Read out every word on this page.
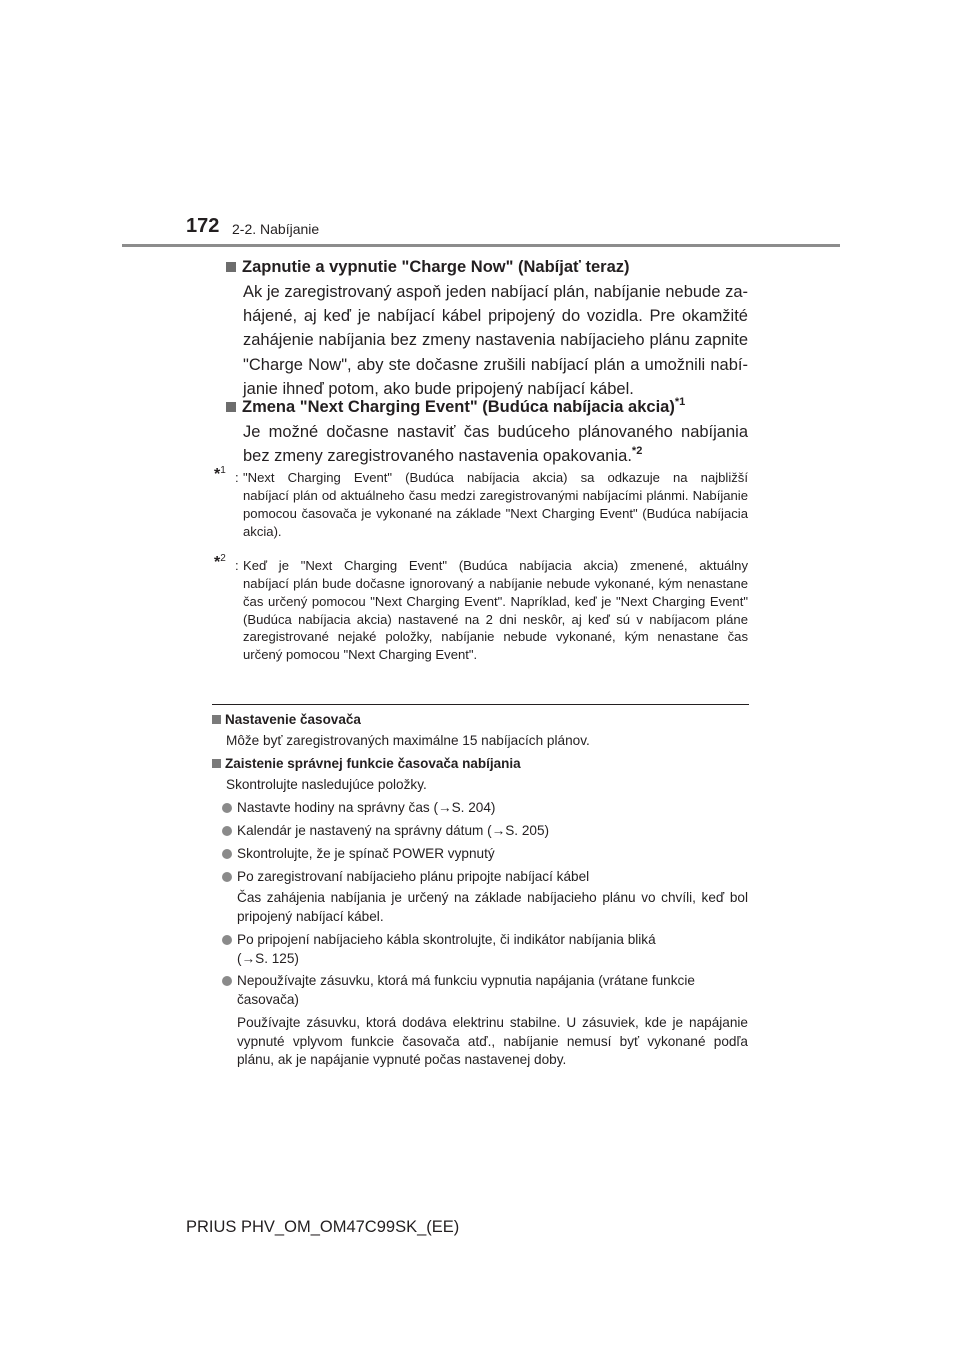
172 2-2. Nabíjanie
Zapnutie a vypnutie "Charge Now" (Nabíjať teraz)
Ak je zaregistrovaný aspoň jeden nabíjací plán, nabíjanie nebude zahájené, aj keď je nabíjací kábel pripojený do vozidla. Pre okamžité zahájenie nabíjania bez zmeny nastavenia nabíjacieho plánu zapnite "Charge Now", aby ste dočasne zrušili nabíjací plán a umožnili nabíjanie ihneď potom, ako bude pripojený nabíjací kábel.
Zmena "Next Charging Event" (Budúca nabíjacia akcia)$^{*1}$
Je možné dočasne nastaviť čas budúceho plánovaného nabíjania
bez zmeny zaregistrovaného nastavenia opakovania.$^{*2}$
*$^1$ : "Next Charging Event" (Budúca nabíjacia akcia) sa odkazuje na najbližší
nabíjací plán od aktuálneho času medzi zaregistrovanými nabíjacími plánmi. Nabíjanie pomocou časovača je vykonané na základe "Next Charging Event" (Budúca nabíjacia akcia).
*$^2$ : Keď je "Next Charging Event" (Budúca nabíjacia akcia) zmenené, aktuálny
nabíjací plán bude dočasne ignorovaný a nabíjanie nebude vykonané, kým nenastane čas určený pomocou "Next Charging Event". Napríklad, keď je "Next Charging Event" (Budúca nabíjacia akcia) nastavené na 2 dni neskôr, aj keď sú v nabíjacom pláne zaregistrované nejaké položky, nabíjanie nebude vykonané, kým nenastane čas určený pomocou "Next Charging Event".
Nastavenie časovača
Môže byť zaregistrovaných maximálne 15 nabíjacích plánov.
Zaistenie správnej funkcie časovača nabíjania
Skontrolujte nasledujúce položky.
Nastavte hodiny na správny čas (→S. 204)
Kalendár je nastavený na správny dátum (→S. 205)
Skontrolujte, že je spínač POWER vypnutý
Po zaregistrovaní nabíjacieho plánu pripojte nabíjací kábel
Čas zahájenia nabíjania je určený na základe nabíjacieho plánu vo chvíli, keď bol pripojený nabíjací kábel.
Po pripojení nabíjacieho kábla skontrolujte, či indikátor nabíjania bliká
(→S. 125)
Nepoužívajte zásuvku, ktorá má funkciu vypnutia napájania (vrátane funkcie
časovača)
Používajte zásuvku, ktorá dodáva elektrinu stabilne. U zásuviek, kde je napájanie vypnuté vplyvom funkcie časovača atď., nabíjanie nemusí byť vykonané podľa plánu, ak je napájanie vypnuté počas nastavenej doby.
PRIUS PHV_OM_OM47C99SK_(EE)
